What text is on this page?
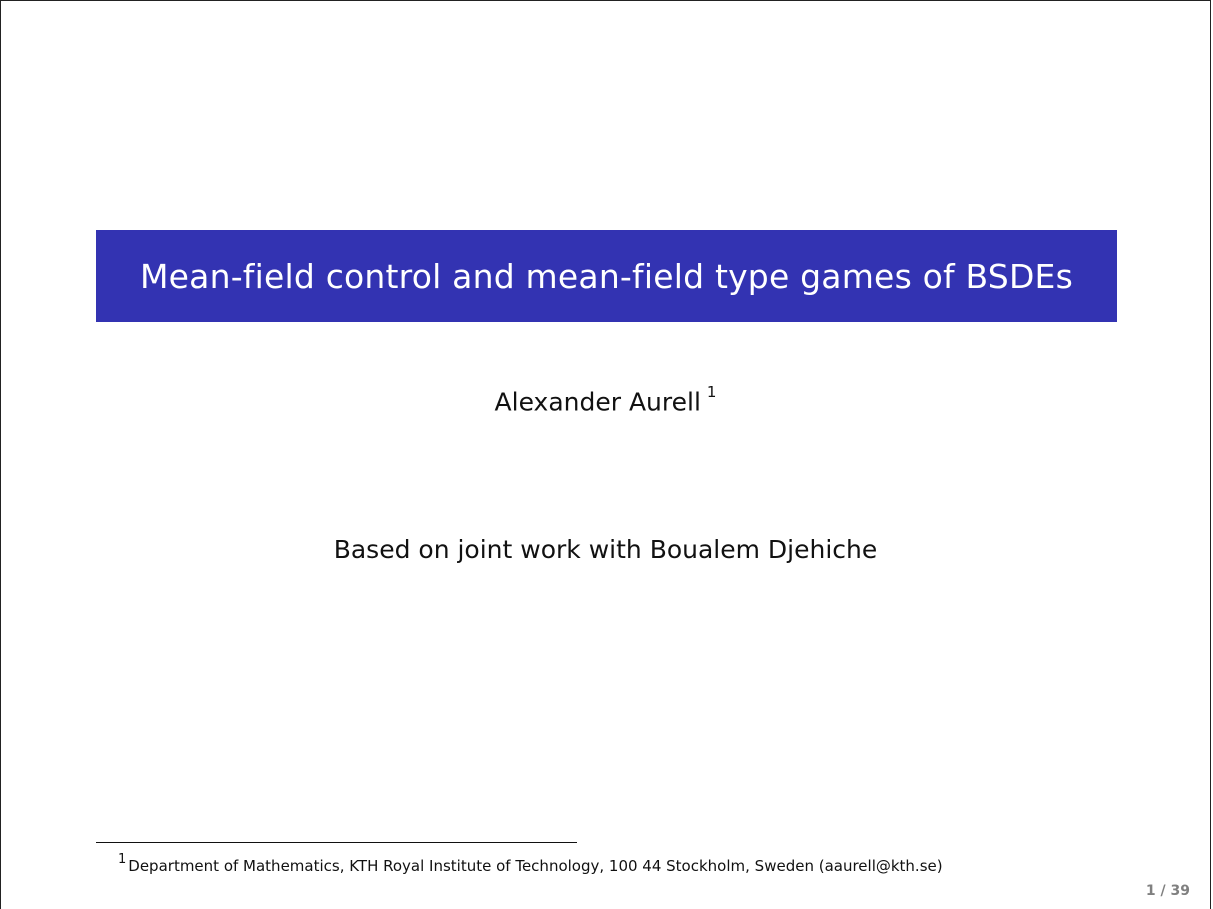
Mean-field control and mean-field type games of BSDEs
Alexander Aurell $^1$
Based on joint work with Boualem Djehiche
$^1$ Department of Mathematics, KTH Royal Institute of Technology, 100 44 Stockholm, Sweden (aaurell@kth.se)
1 / 39
